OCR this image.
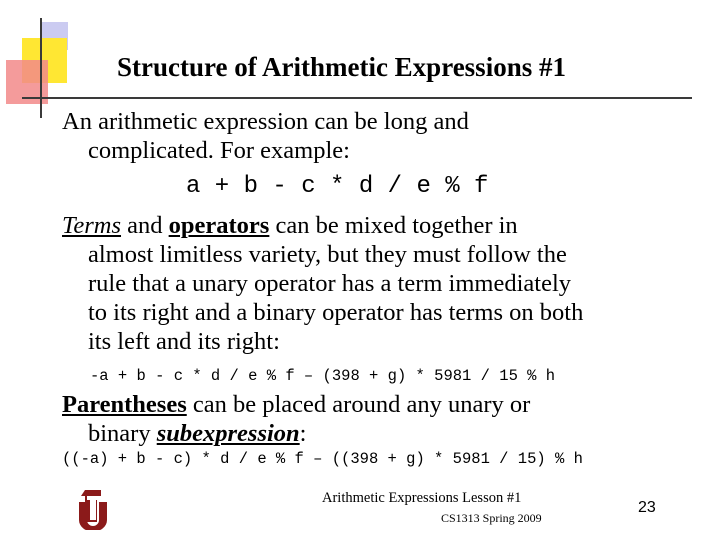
Structure of Arithmetic Expressions #1
An arithmetic expression can be long and
complicated. For example:
a + b - c * d / e % f
Terms and operators can be mixed together in
almost limitless variety, but they must follow the
rule that a unary operator has a term immediately
to its right and a binary operator has terms on both
its left and its right:
-a + b - c * d / e % f – (398 + g) * 5981 / 15 % h
Parentheses can be placed around any unary or
binary subexpression:
((-a) + b - c) * d / e % f – ((398 + g) * 5981 / 15) % h
Arithmetic Expressions Lesson #1
CS1313 Spring 2009
23
